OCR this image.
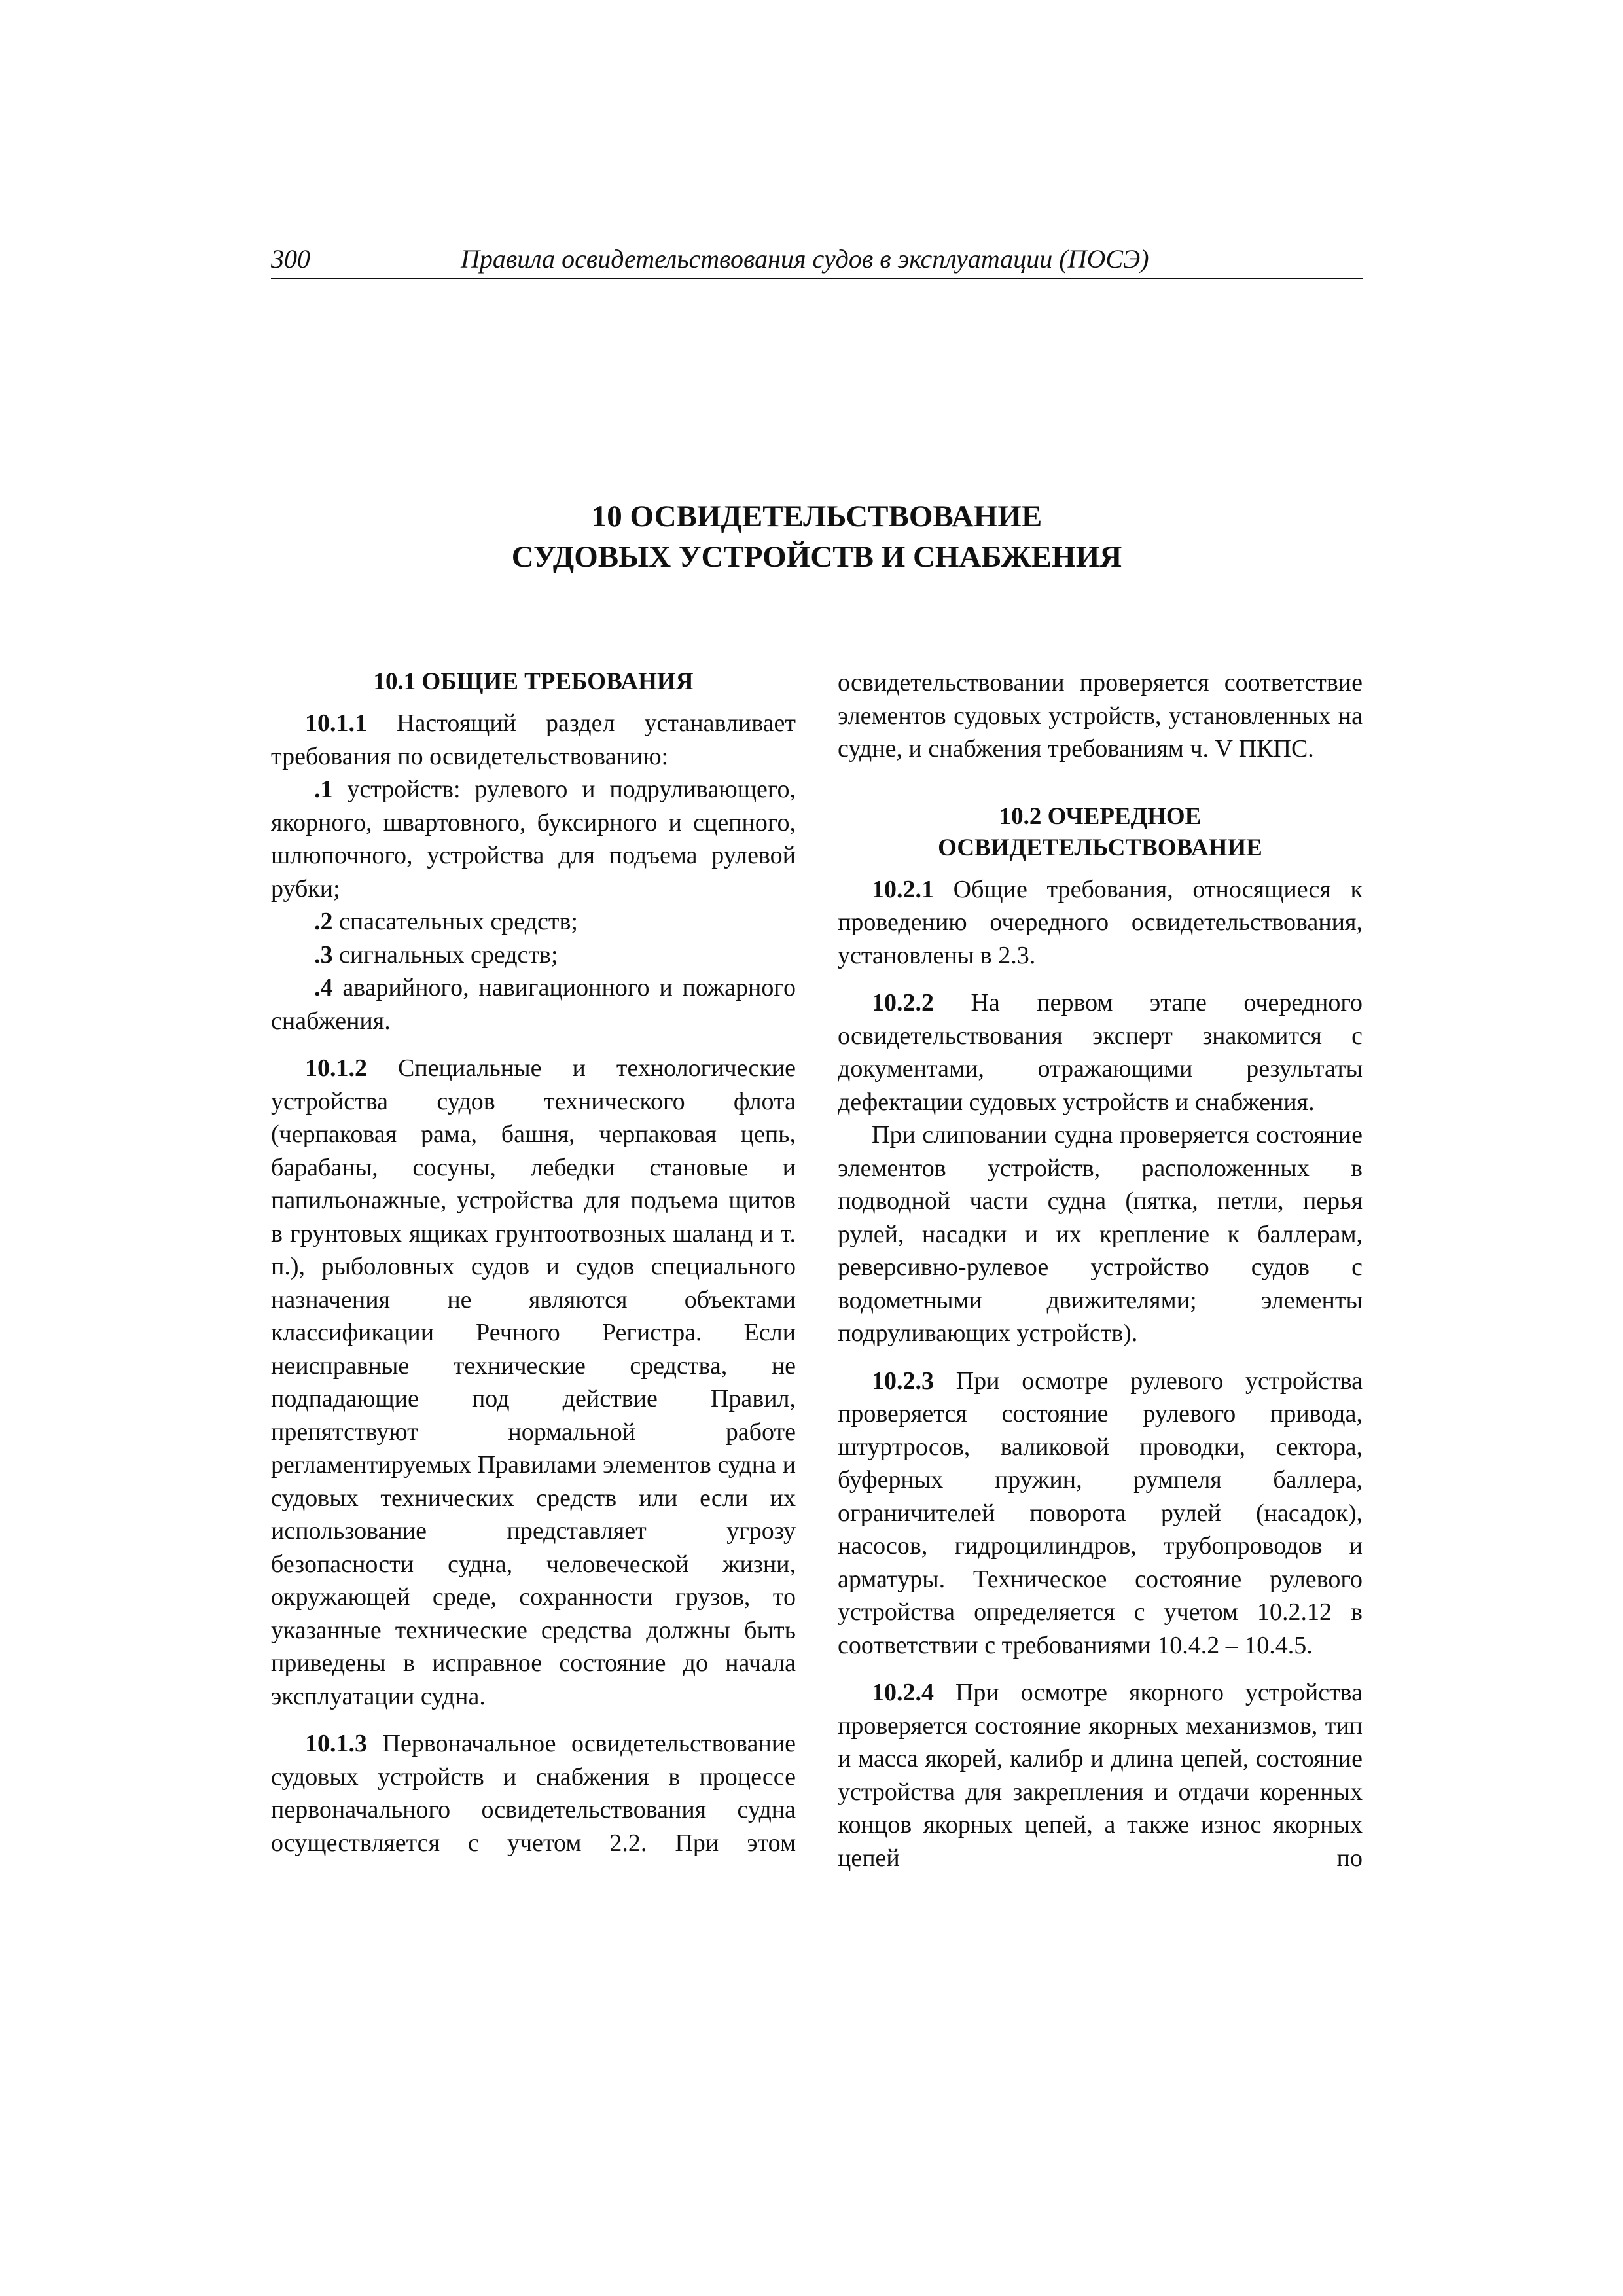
300	Правила освидетельствования судов в эксплуатации (ПОСЭ)
10 ОСВИДЕТЕЛЬСТВОВАНИЕ
СУДОВЫХ УСТРОЙСТВ И СНАБЖЕНИЯ
10.1 ОБЩИЕ ТРЕБОВАНИЯ

10.1.1 Настоящий раздел устанавливает требования по освидетельствованию:

.1 устройств: рулевого и подруливающего, якорного, швартовного, буксирного и сцепного, шлюпочного, устройства для подъема рулевой рубки;

.2 спасательных средств;

.3 сигнальных средств;

.4 аварийного, навигационного и пожарного снабжения.

10.1.2 Специальные и технологические устройства судов технического флота (черпаковая рама, башня, черпаковая цепь, барабаны, сосуны, лебедки становые и папильонажные, устройства для подъема щитов в грунтовых ящиках грунтоотвозных шаланд и т. п.), рыболовных судов и судов специального назначения не являются объектами классификации Речного Регистра. Если неисправные технические средства, не подпадающие под действие Правил, препятствуют нормальной работе регламентируемых Правилами элементов судна и судовых технических средств или если их использование представляет угрозу безопасности судна, человеческой жизни, окружающей среде, сохранности грузов, то указанные технические средства должны быть приведены в исправное состояние до начала эксплуатации судна.

10.1.3 Первоначальное освидетельствование судовых устройств и снабжения в процессе первоначального освидетельствования судна осуществляется с учетом 2.2. При этом

освидетельствовании проверяется соответствие элементов судовых устройств, установленных на судне, и снабжения требованиям ч. V ПКПС.

10.2 ОЧЕРЕДНОЕ
ОСВИДЕТЕЛЬСТВОВАНИЕ

10.2.1 Общие требования, относящиеся к проведению очередного освидетельствования, установлены в 2.3.

10.2.2 На первом этапе очередного освидетельствования эксперт знакомится с документами, отражающими результаты дефектации судовых устройств и снабжения.

При слиповании судна проверяется состояние элементов устройств, расположенных в подводной части судна (пятка, петли, перья рулей, насадки и их крепление к баллерам, реверсивно-рулевое устройство судов с водометными движителями; элементы подруливающих устройств).

10.2.3 При осмотре рулевого устройства проверяется состояние рулевого привода, штуртросов, валиковой проводки, сектора, буферных пружин, румпеля баллера, ограничителей поворота рулей (насадок), насосов, гидроцилиндров, трубопроводов и арматуры. Техническое состояние рулевого устройства определяется с учетом 10.2.12 в соответствии с требованиями 10.4.2 – 10.4.5.

10.2.4 При осмотре якорного устройства проверяется состояние якорных механизмов, тип и масса якорей, калибр и длина цепей, состояние устройства для закрепления и отдачи коренных концов якорных цепей, а также износ якорных цепей по
